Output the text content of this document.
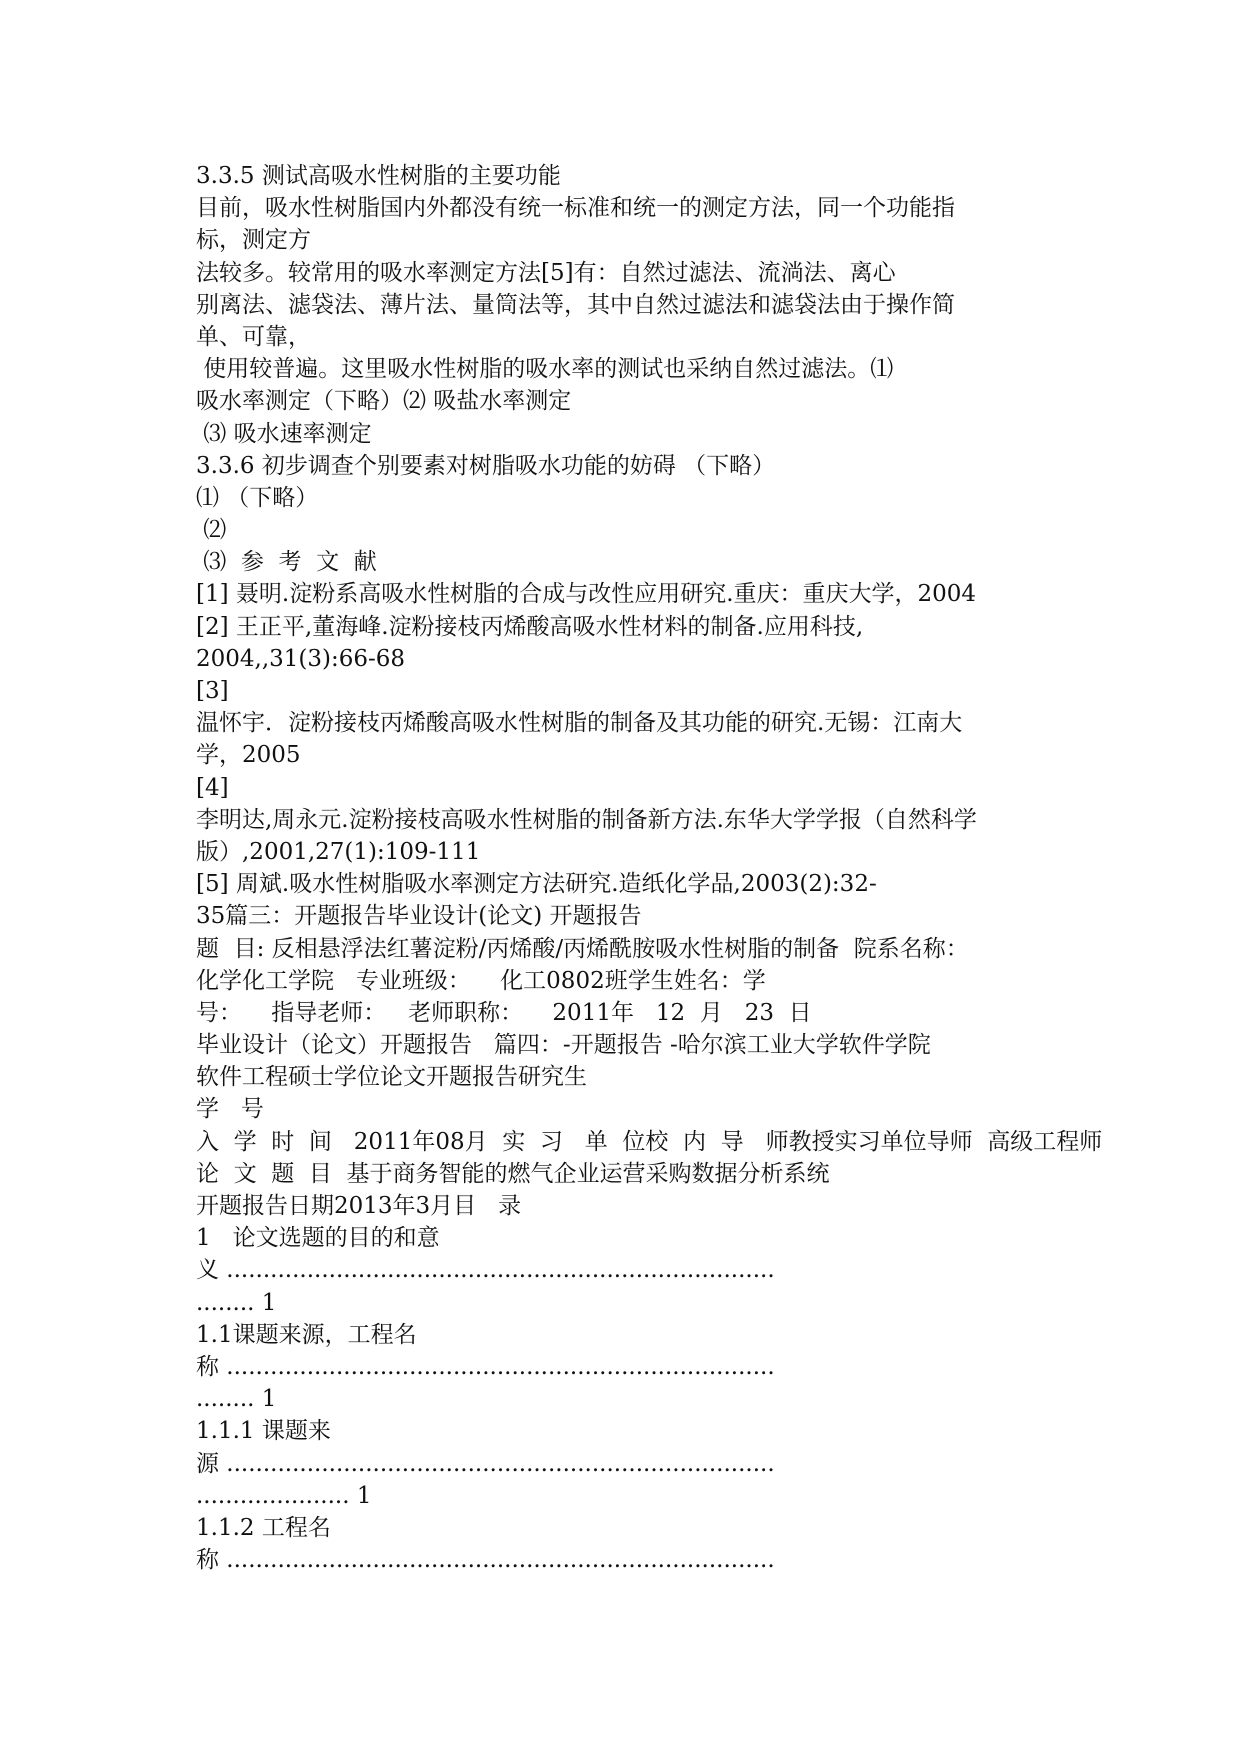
3.3.5 测试高吸水性树脂的主要功能
目前，吸水性树脂国内外都没有统一标准和统一的测定方法，同一个功能指
标，测定方
法较多。较常用的吸水率测定方法[5]有：自然过滤法、流淌法、离心
别离法、滤袋法、薄片法、量筒法等，其中自然过滤法和滤袋法由于操作简
单、可靠，
使用较普遍。这里吸水性树脂的吸水率的测试也采纳自然过滤法。⑴
吸水率测定（下略）⑵ 吸盐水率测定
⑶ 吸水速率测定
3.3.6 初步调查个别要素对树脂吸水功能的妨碍 （下略）
⑴ （下略）
⑵
⑶  参  考  文  献
[1] 聂明.淀粉系高吸水性树脂的合成与改性应用研究.重庆：重庆大学，2004
[2] 王正平,董海峰.淀粉接枝丙烯酸高吸水性材料的制备.应用科技,
2004,,31(3):66-68
[3]
温怀宇．淀粉接枝丙烯酸高吸水性树脂的制备及其功能的研究.无锡：江南大
学，2005
[4]
李明达,周永元.淀粉接枝高吸水性树脂的制备新方法.东华大学学报（自然科学
版）,2001,27(1):109-111
[5] 周斌.吸水性树脂吸水率测定方法研究.造纸化学品,2003(2):32-
35篇三：开题报告毕业设计(论文) 开题报告
题  目: 反相悬浮法红薯淀粉/丙烯酸/丙烯酰胺吸水性树脂的制备  院系名称：
化学化工学院   专业班级：    化工0802班学生姓名：学
号：    指导老师：   老师职称：    2011年   12  月   23  日
毕业设计（论文）开题报告   篇四：-开题报告 -哈尔滨工业大学软件学院
软件工程硕士学位论文开题报告研究生
学   号
入  学  时  间   2011年08月  实  习   单  位校  内  导   师教授实习单位导师  高级工程师
论  文  题  目  基于商务智能的燃气企业运营采购数据分析系统
开题报告日期2013年3月目   录
1   论文选题的目的和意
义 ...........................................................................
........ 1
1.1课题来源，工程名
称 ...........................................................................
........ 1
1.1.1 课题来
源 ...........................................................................
..................... 1
1.1.2 工程名
称 ...........................................................................
